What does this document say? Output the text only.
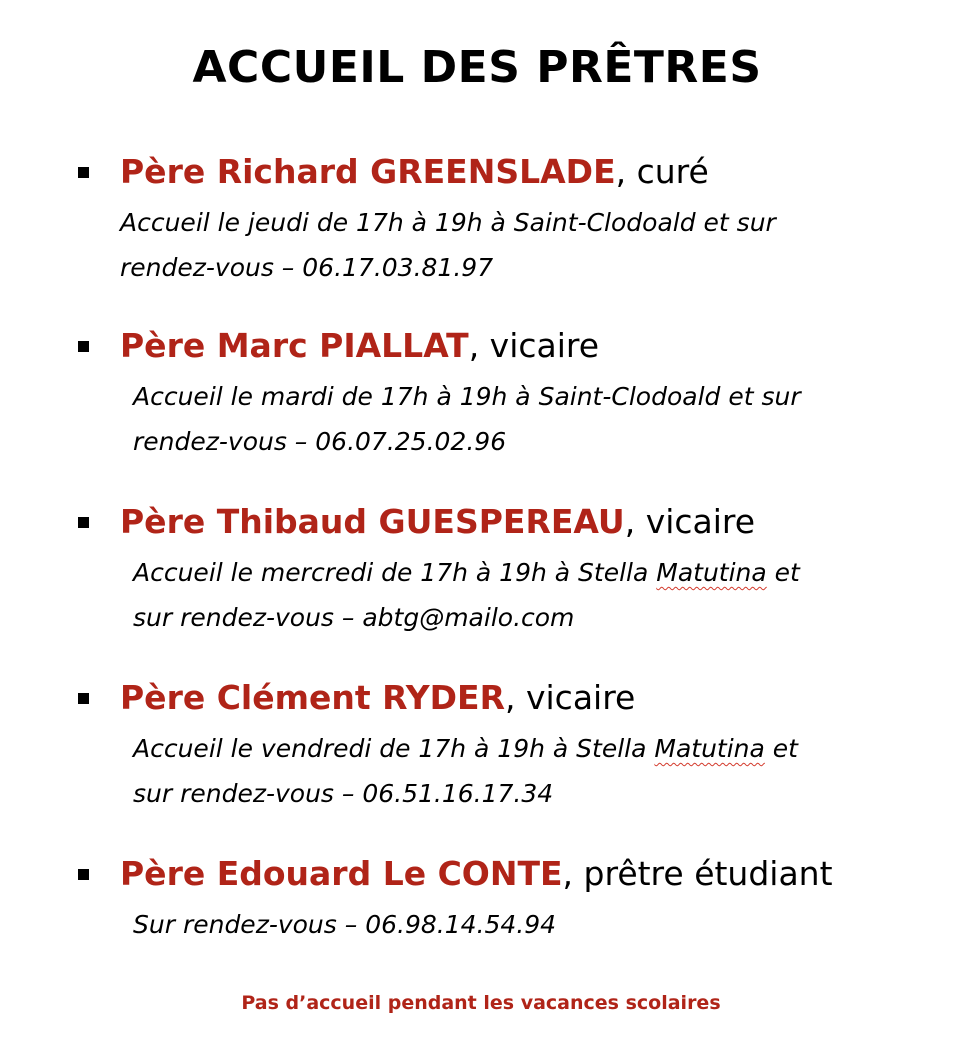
ACCUEIL DES PRÊTRES
Père Richard GREENSLADE, curé
Accueil le jeudi de 17h à 19h à Saint-Clodoald et sur
rendez-vous – 06.17.03.81.97
Père Marc PIALLAT, vicaire
Accueil le mardi de 17h à 19h à Saint-Clodoald et sur
rendez-vous – 06.07.25.02.96
Père Thibaud GUESPEREAU, vicaire
Accueil le mercredi de 17h à 19h à Stella Matutina et
sur rendez-vous – abtg@mailo.com
Père Clément RYDER, vicaire
Accueil le vendredi de 17h à 19h à Stella Matutina et
sur rendez-vous – 06.51.16.17.34
Père Edouard Le CONTE, prêtre étudiant
Sur rendez-vous – 06.98.14.54.94
Pas d’accueil pendant les vacances scolaires
